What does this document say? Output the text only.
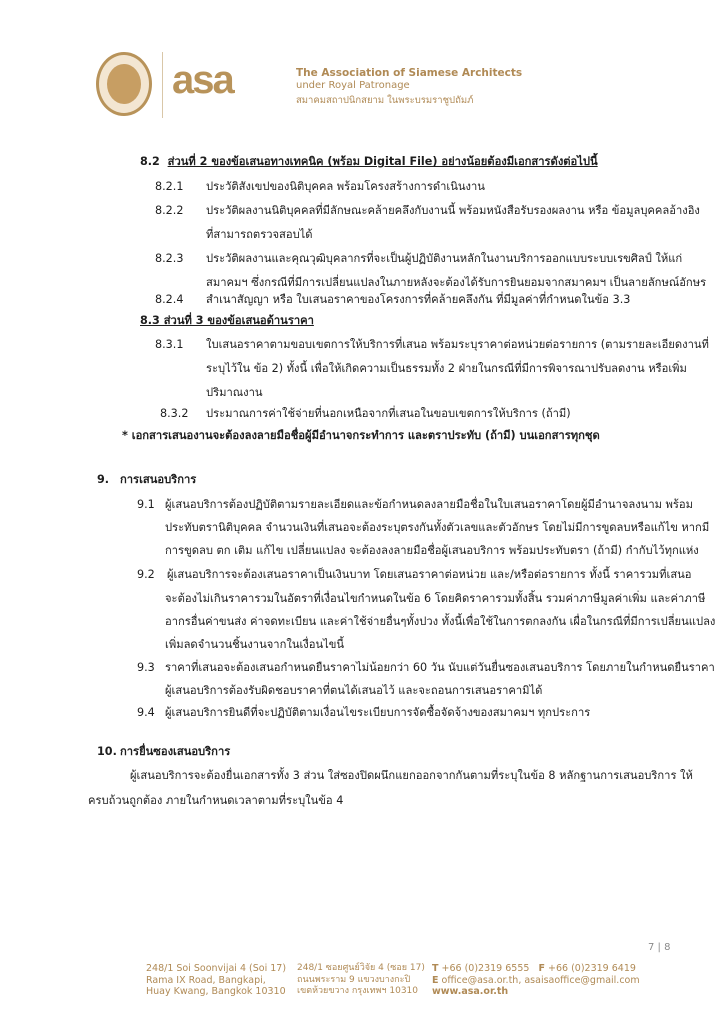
asa	The Association of Siamese Architects
under Royal Patronage
สมาคมสถาปนิกสยาม ในพระบรมราชูปถัมภ์
8.2 ส่วนที่ 2 ของข้อเสนอทางเทคนิค (พร้อม Digital File) อย่างน้อยต้องมีเอกสารดังต่อไปนี้
8.2.1 ประวัติสังเขปของนิติบุคคล พร้อมโครงสร้างการดำเนินงาน
8.2.2 ประวัติผลงานนิติบุคคลที่มีลักษณะคล้ายคลึงกับงานนี้ พร้อมหนังสือรับรองผลงาน หรือ ข้อมูลบุคคลอ้างอิง
ที่สามารถตรวจสอบได้
8.2.3 ประวัติผลงานและคุณวุฒิบุคลากรที่จะเป็นผู้ปฏิบัติงานหลักในงานบริการออกแบบระบบเรขศิลป์ ให้แก่
สมาคมฯ ซึ่งกรณีที่มีการเปลี่ยนแปลงในภายหลังจะต้องได้รับการยินยอมจากสมาคมฯ เป็นลายลักษณ์อักษร
8.2.4 สำเนาสัญญา หรือ ใบเสนอราคาของโครงการที่คล้ายคลึงกัน ที่มีมูลค่าที่กำหนดในข้อ 3.3
8.3 ส่วนที่ 3 ของข้อเสนอด้านราคา
8.3.1 ใบเสนอราคาตามขอบเขตการให้บริการที่เสนอ พร้อมระบุราคาต่อหน่วยต่อรายการ (ตามรายละเอียดงานที่
ระบุไว้ใน ข้อ 2) ทั้งนี้ เพื่อให้เกิดความเป็นธรรมทั้ง 2 ฝ่ายในกรณีที่มีการพิจารณาปรับลดงาน หรือเพิ่ม
ปริมาณงาน
8.3.2 ประมาณการค่าใช้จ่ายที่นอกเหนือจากที่เสนอในขอบเขตการให้บริการ (ถ้ามี)
* เอกสารเสนองานจะต้องลงลายมือชื่อผู้มีอำนาจกระทำการ และตราประทับ (ถ้ามี) บนเอกสารทุกชุด
9. การเสนอบริการ
9.1 ผู้เสนอบริการต้องปฏิบัติตามรายละเอียดและข้อกำหนดลงลายมือชื่อในใบเสนอราคาโดยผู้มีอำนาจลงนาม พร้อม
ประทับตรานิติบุคคล จำนวนเงินที่เสนอจะต้องระบุตรงกันทั้งตัวเลขและตัวอักษร โดยไม่มีการขูดลบหรือแก้ไข หากมี
การขูดลบ ตก เติม แก้ไข เปลี่ยนแปลง จะต้องลงลายมือชื่อผู้เสนอบริการ พร้อมประทับตรา (ถ้ามี) กำกับไว้ทุกแห่ง
9.2 ผู้เสนอบริการจะต้องเสนอราคาเป็นเงินบาท โดยเสนอราคาต่อหน่วย และ/หรือต่อรายการ ทั้งนี้ ราคารวมที่เสนอ
จะต้องไม่เกินราคารวมในอัตราที่เงื่อนไขกำหนดในข้อ 6 โดยคิดราคารวมทั้งสิ้น รวมค่าภาษีมูลค่าเพิ่ม และค่าภาษี
อากรอื่นค่าขนส่ง ค่าจดทะเบียน และค่าใช้จ่ายอื่นๆทั้งปวง ทั้งนี้เพื่อใช้ในการตกลงกัน เผื่อในกรณีที่มีการเปลี่ยนแปลง
เพิ่มลดจำนวนชิ้นงานจากในเงื่อนไขนี้
9.3 ราคาที่เสนอจะต้องเสนอกำหนดยืนราคาไม่น้อยกว่า 60 วัน นับแต่วันยื่นซองเสนอบริการ โดยภายในกำหนดยืนราคา
ผู้เสนอบริการต้องรับผิดชอบราคาที่ตนได้เสนอไว้ และจะถอนการเสนอราคามิได้
9.4 ผู้เสนอบริการยินดีที่จะปฏิบัติตามเงื่อนไขระเบียบการจัดซื้อจัดจ้างของสมาคมฯ ทุกประการ
10. การยื่นซองเสนอบริการ
ผู้เสนอบริการจะต้องยื่นเอกสารทั้ง 3 ส่วน ใส่ซองปิดผนึกแยกออกจากกันตามที่ระบุในข้อ 8 หลักฐานการเสนอบริการ ให้
ครบถ้วนถูกต้อง ภายในกำหนดเวลาตามที่ระบุในข้อ 4
7 | 8
248/1 Soi Soonvijai 4 (Soi 17)
Rama IX Road, Bangkapi,
Huay Kwang, Bangkok 10310
248/1 ซอยศูนย์วิจัย 4 (ซอย 17)
ถนนพระราม 9 แขวงบางกะปิ
เขตห้วยขวาง กรุงเทพฯ 10310
T +66 (0)2319 6555 F +66 (0)2319 6419
E office@asa.or.th, asaisaoffice@gmail.com
www.asa.or.th
